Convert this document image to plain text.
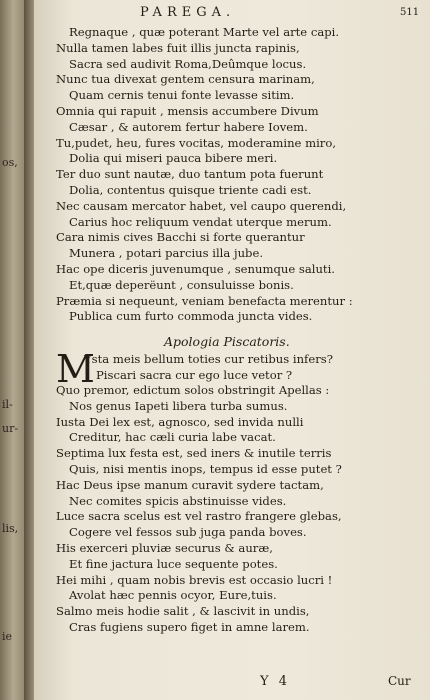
os,
il-
ur-
lis,
ie
PAREGA.	511
Regnaque , quæ poterant Marte vel arte capi.
Nulla tamen labes fuit illis juncta rapinis,
Sacra sed audivit Roma,Deûmque locus.
Nunc tua divexat gentem censura marinam,
Quam cernis tenui fonte levasse sitim.
Omnia qui rapuit , mensis accumbere Divum
Cæsar , & autorem fertur habere Iovem.
Tu,pudet, heu, fures vocitas, moderamine miro,
Dolia qui miseri pauca bibere meri.
Ter duo sunt nautæ, duo tantum pota fuerunt
Dolia, contentus quisque triente cadi est.
Nec causam mercator habet, vel caupo querendi,
Carius hoc reliquum vendat uterque merum.
Cara nimis cives Bacchi si forte querantur
Munera , potari parcius illa jube.
Hac ope diceris juvenumque , senumque saluti.
Et,quæ deperëunt , consuluisse bonis.
Præmia si nequeunt, veniam benefacta merentur :
Publica cum furto commoda juncta vides.
Apologia Piscatoris.
M
Ysta meis bellum toties cur retibus infers?
Piscari sacra cur ego luce vetor ?
Quo premor, edictum solos obstringit Apellas :
Nos genus Iapeti libera turba sumus.
Iusta Dei lex est, agnosco, sed invida nulli
Creditur, hac cæli curia labe vacat.
Septima lux festa est, sed iners & inutile terris
Quis, nisi mentis inops, tempus id esse putet ?
Hac Deus ipse manum curavit sydere tactam,
Nec comites spicis abstinuisse vides.
Luce sacra scelus est vel rastro frangere glebas,
Cogere vel fessos sub juga panda boves.
His exerceri pluviæ securus & auræ,
Et fine jactura luce sequente potes.
Hei mihi , quam nobis brevis est occasio lucri !
Avolat hæc pennis ocyor, Eure,tuis.
Salmo meis hodie salit , & lascivit in undis,
Cras fugiens supero figet in amne larem.
Y 4	Cur
